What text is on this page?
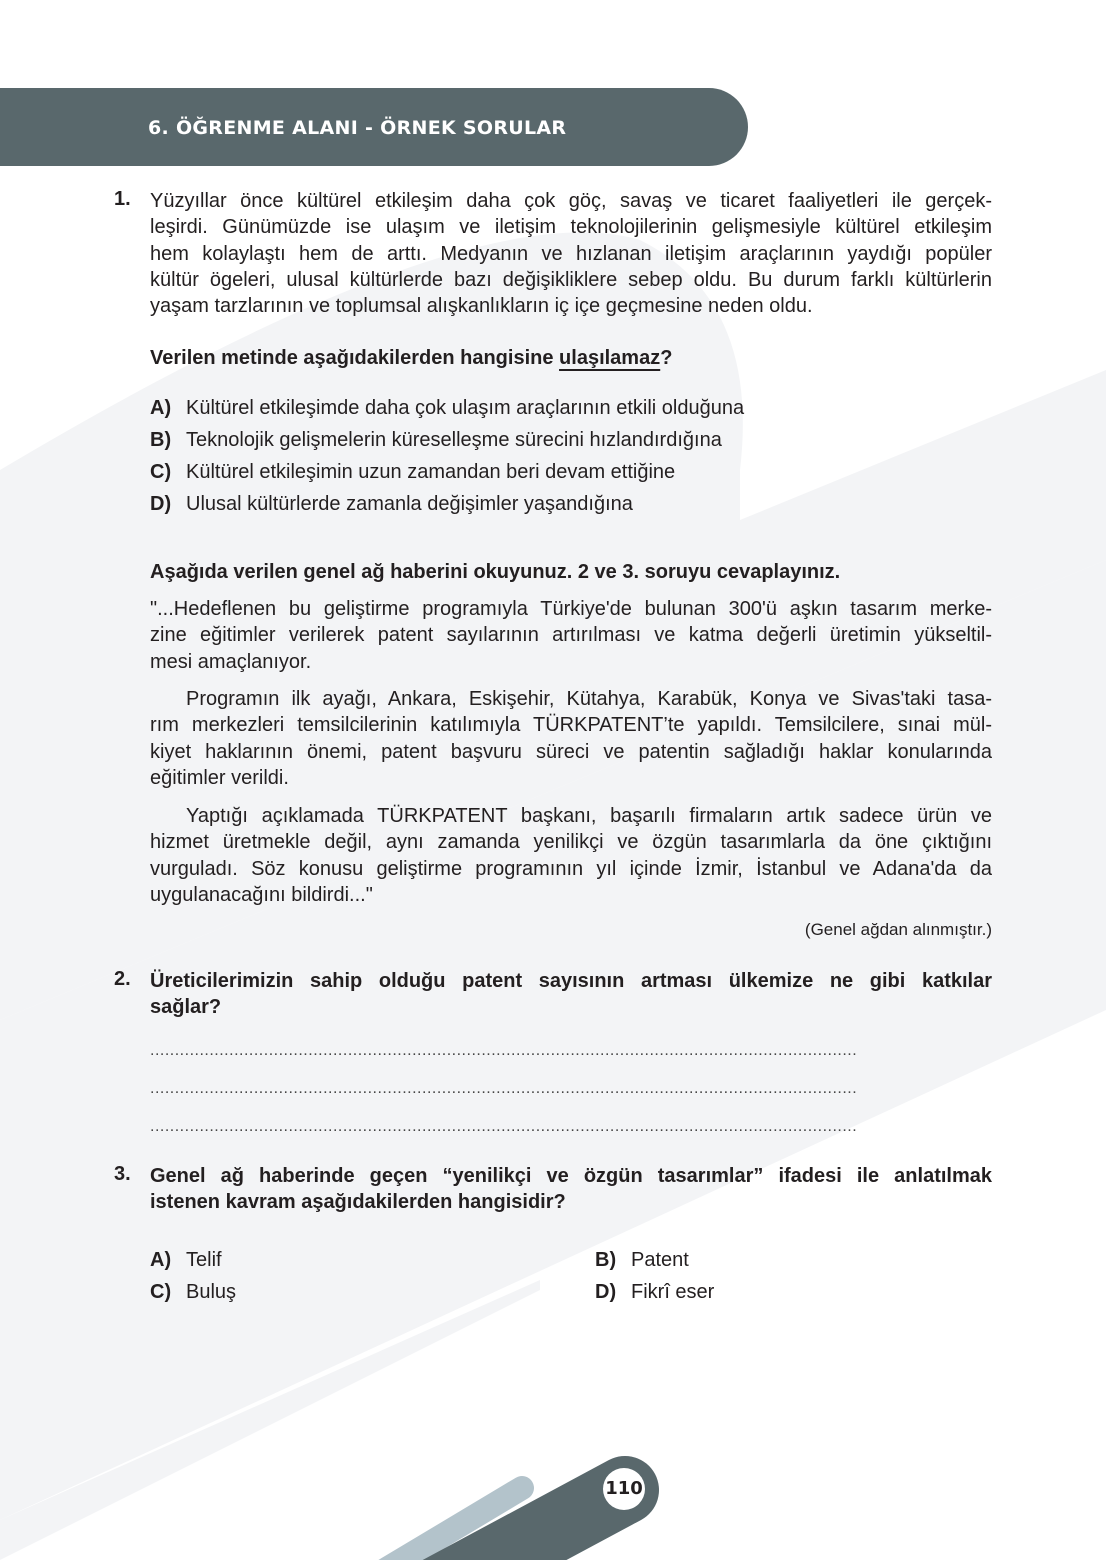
6. ÖĞRENME ALANI - ÖRNEK SORULAR
1. Yüzyıllar önce kültürel etkileşim daha çok göç, savaş ve ticaret faaliyetleri ile gerçek-
leşirdi. Günümüzde ise ulaşım ve iletişim teknolojilerinin gelişmesiyle kültürel etkileşim
hem kolaylaştı hem de arttı. Medyanın ve hızlanan iletişim araçlarının yaydığı popüler
kültür ögeleri, ulusal kültürlerde bazı değişikliklere sebep oldu. Bu durum farklı kültürlerin
yaşam tarzlarının ve toplumsal alışkanlıkların iç içe geçmesine neden oldu.
Verilen metinde aşağıdakilerden hangisine ulaşılamaz?
A) Kültürel etkileşimde daha çok ulaşım araçlarının etkili olduğuna
B) Teknolojik gelişmelerin küreselleşme sürecini hızlandırdığına
C) Kültürel etkileşimin uzun zamandan beri devam ettiğine
D) Ulusal kültürlerde zamanla değişimler yaşandığına
Aşağıda verilen genel ağ haberini okuyunuz. 2 ve 3. soruyu cevaplayınız.
"...Hedeflenen bu geliştirme programıyla Türkiye'de bulunan 300'ü aşkın tasarım merke-
zine eğitimler verilerek patent sayılarının artırılması ve katma değerli üretimin yükseltil-
mesi amaçlanıyor.
Programın ilk ayağı, Ankara, Eskişehir, Kütahya, Karabük, Konya ve Sivas'taki tasa-
rım merkezleri temsilcilerinin katılımıyla TÜRKPATENT’te yapıldı. Temsilcilere, sınai mül-
kiyet haklarının önemi, patent başvuru süreci ve patentin sağladığı haklar konularında
eğitimler verildi.
Yaptığı açıklamada TÜRKPATENT başkanı, başarılı firmaların artık sadece ürün ve
hizmet üretmekle değil, aynı zamanda yenilikçi ve özgün tasarımlarla da öne çıktığını
vurguladı. Söz konusu geliştirme programının yıl içinde İzmir, İstanbul ve Adana'da da
uygulanacağını bildirdi..."
(Genel ağdan alınmıştır.)
2. Üreticilerimizin sahip olduğu patent sayısının artması ülkemize ne gibi katkılar
sağlar?
...............................................................................................................................................
...............................................................................................................................................
...............................................................................................................................................
3. Genel ağ haberinde geçen “yenilikçi ve özgün tasarımlar” ifadesi ile anlatılmak
istenen kavram aşağıdakilerden hangisidir?
A) Telif	B) Patent
C) Buluş	D) Fikrî eser
110
